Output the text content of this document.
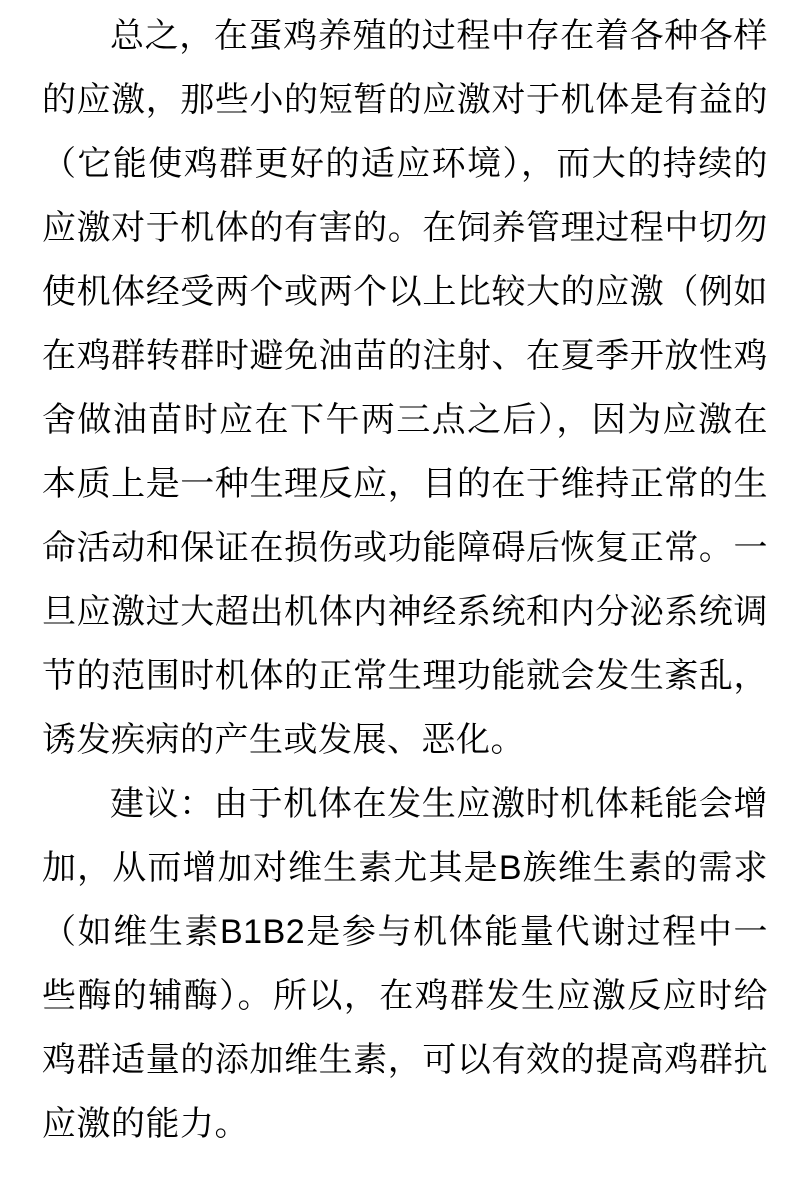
总之，在蛋鸡养殖的过程中存在着各种各样的应激，那些小的短暂的应激对于机体是有益的（它能使鸡群更好的适应环境），而大的持续的应激对于机体的有害的。在饲养管理过程中切勿使机体经受两个或两个以上比较大的应激（例如在鸡群转群时避免油苗的注射、在夏季开放性鸡舍做油苗时应在下午两三点之后），因为应激在本质上是一种生理反应，目的在于维持正常的生命活动和保证在损伤或功能障碍后恢复正常。一旦应激过大超出机体内神经系统和内分泌系统调节的范围时机体的正常生理功能就会发生紊乱，诱发疾病的产生或发展、恶化。

建议：由于机体在发生应激时机体耗能会增加，从而增加对维生素尤其是B族维生素的需求（如维生素B1B2是参与机体能量代谢过程中一些酶的辅酶）。所以，在鸡群发生应激反应时给鸡群适量的添加维生素，可以有效的提高鸡群抗应激的能力。
